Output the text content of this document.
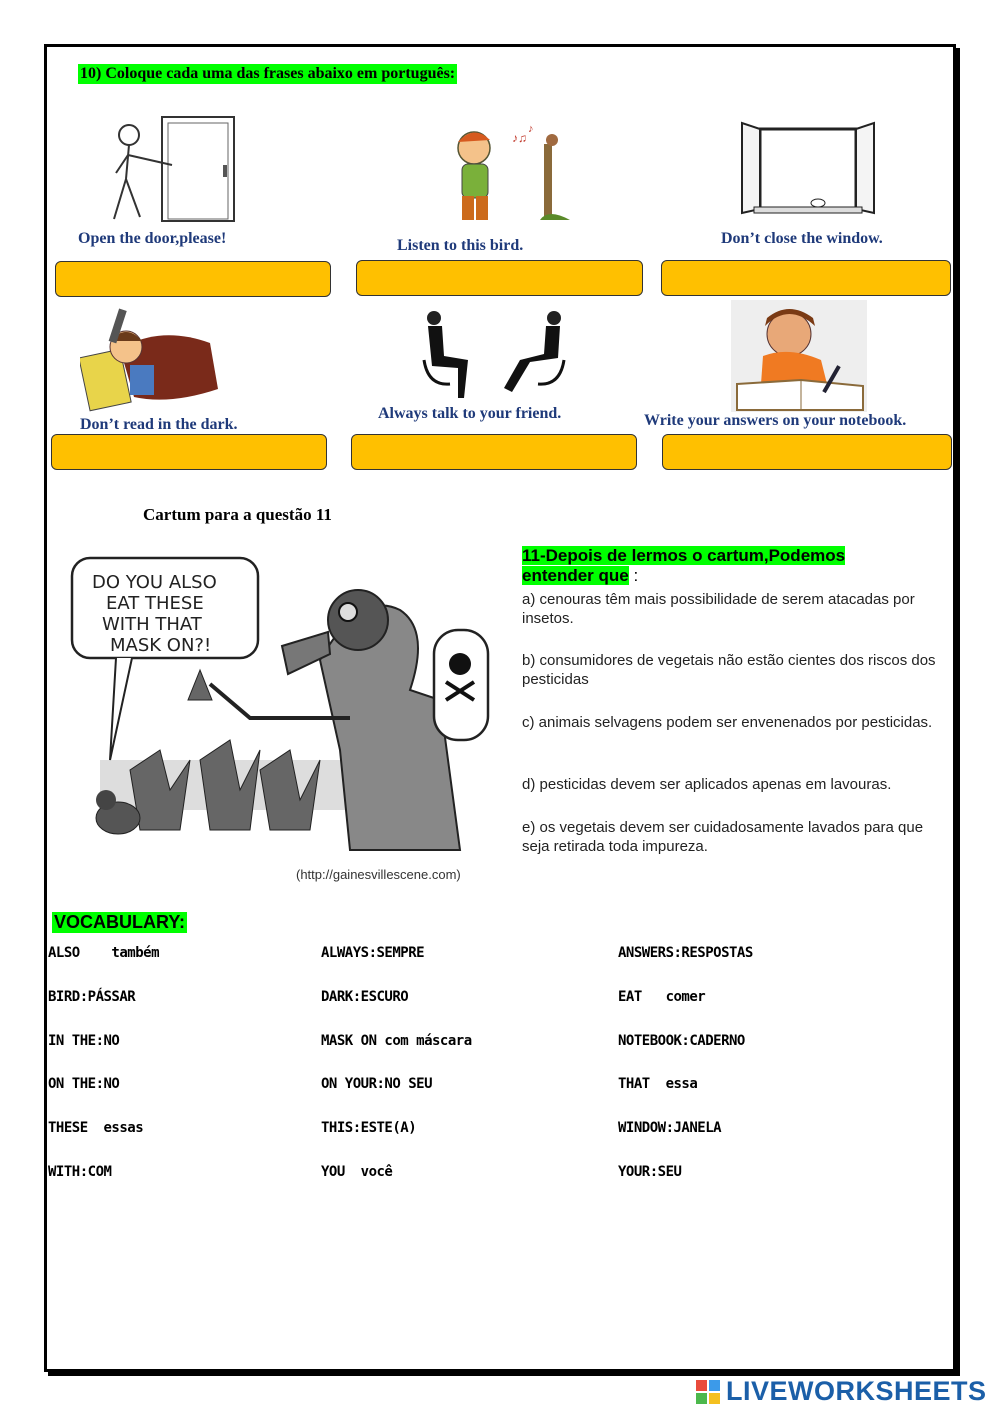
10) Coloque cada uma das frases abaixo em português:
♪♫
♪
Open the door,please!	Listen to this bird.	Don’t close the window.
Don’t read in the dark.
Always talk to your friend.	Write your answers on your notebook.
Cartum para a questão 11
DO YOU ALSO
EAT THESE
WITH THAT
MASK ON?!
(http://gainesvillescene.com)
11-Depois de lermos o cartum,Podemos entender que :
a) cenouras têm mais possibilidade de serem atacadas por insetos.
b) consumidores de vegetais não estão cientes dos riscos dos pesticidas
c) animais selvagens podem ser envenenados por pesticidas.
d) pesticidas devem ser aplicados apenas em lavouras.
e) os vegetais devem ser cuidadosamente lavados para que seja retirada toda impureza.
VOCABULARY:
ALSO    também
BIRD:PÁSSAR
IN THE:NO
ON THE:NO
THESE  essas
WITH:COM
ALWAYS:SEMPRE
DARK:ESCURO
MASK ON com máscara
ON YOUR:NO SEU
THIS:ESTE(A)
YOU  você
ANSWERS:RESPOSTAS
EAT   comer
NOTEBOOK:CADERNO
THAT  essa
WINDOW:JANELA
YOUR:SEU
LIVEWORKSHEETS
